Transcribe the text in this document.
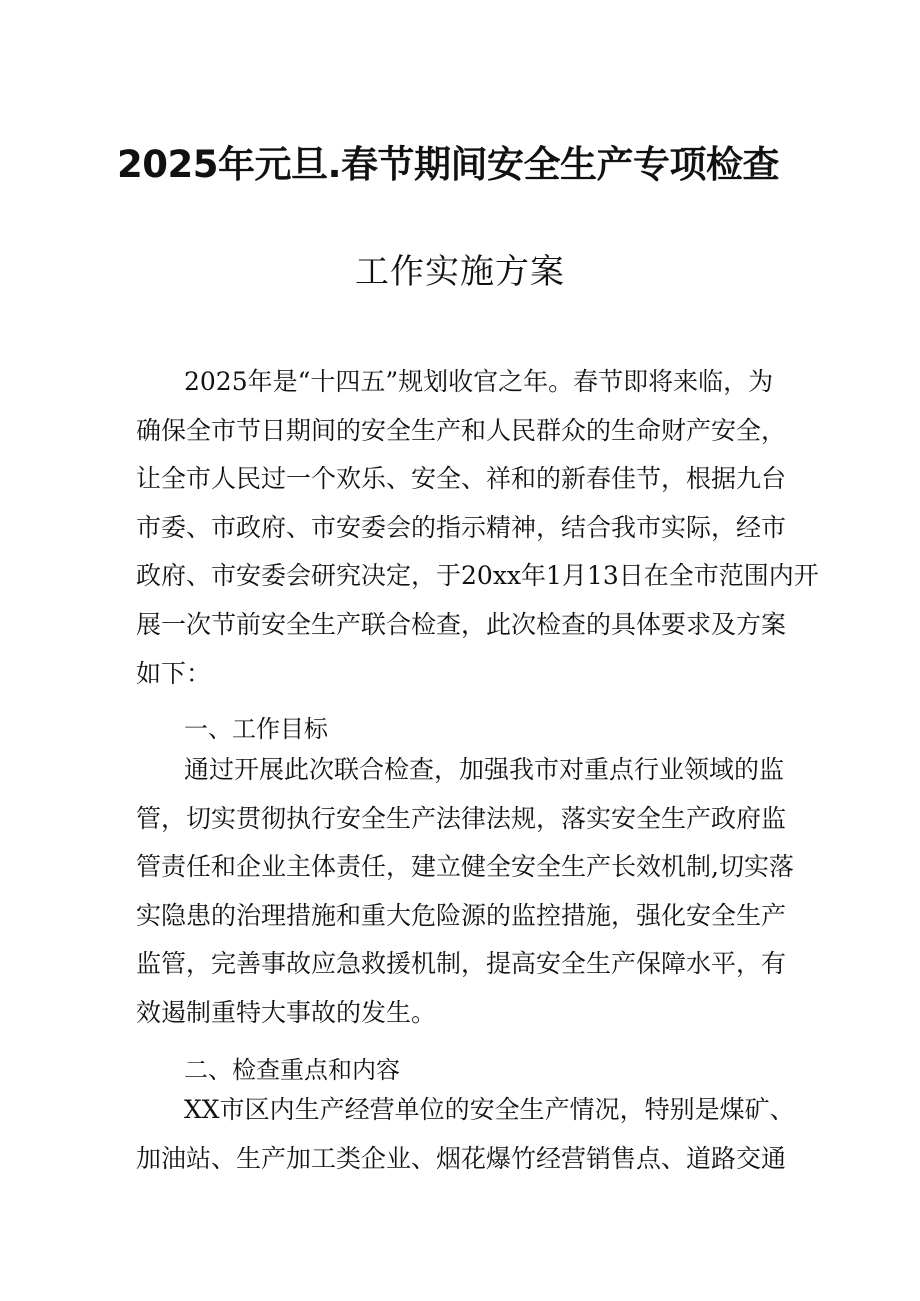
2025年元旦.春节期间安全生产专项检查
工作实施方案
2025年是“十四五”规划收官之年。春节即将来临，为
确保全市节日期间的安全生产和人民群众的生命财产安全，
让全市人民过一个欢乐、安全、祥和的新春佳节，根据九台
市委、市政府、市安委会的指示精神，结合我市实际，经市
政府、市安委会研究决定，于20xx年1月13日在全市范围内开
展一次节前安全生产联合检查，此次检查的具体要求及方案
如下：
一、工作目标
通过开展此次联合检查，加强我市对重点行业领域的监
管，切实贯彻执行安全生产法律法规，落实安全生产政府监
管责任和企业主体责任，建立健全安全生产长效机制,切实落
实隐患的治理措施和重大危险源的监控措施，强化安全生产
监管，完善事故应急救援机制，提高安全生产保障水平，有
效遏制重特大事故的发生。
二、检查重点和内容
XX市区内生产经营单位的安全生产情况，特别是煤矿、
加油站、生产加工类企业、烟花爆竹经营销售点、道路交通
